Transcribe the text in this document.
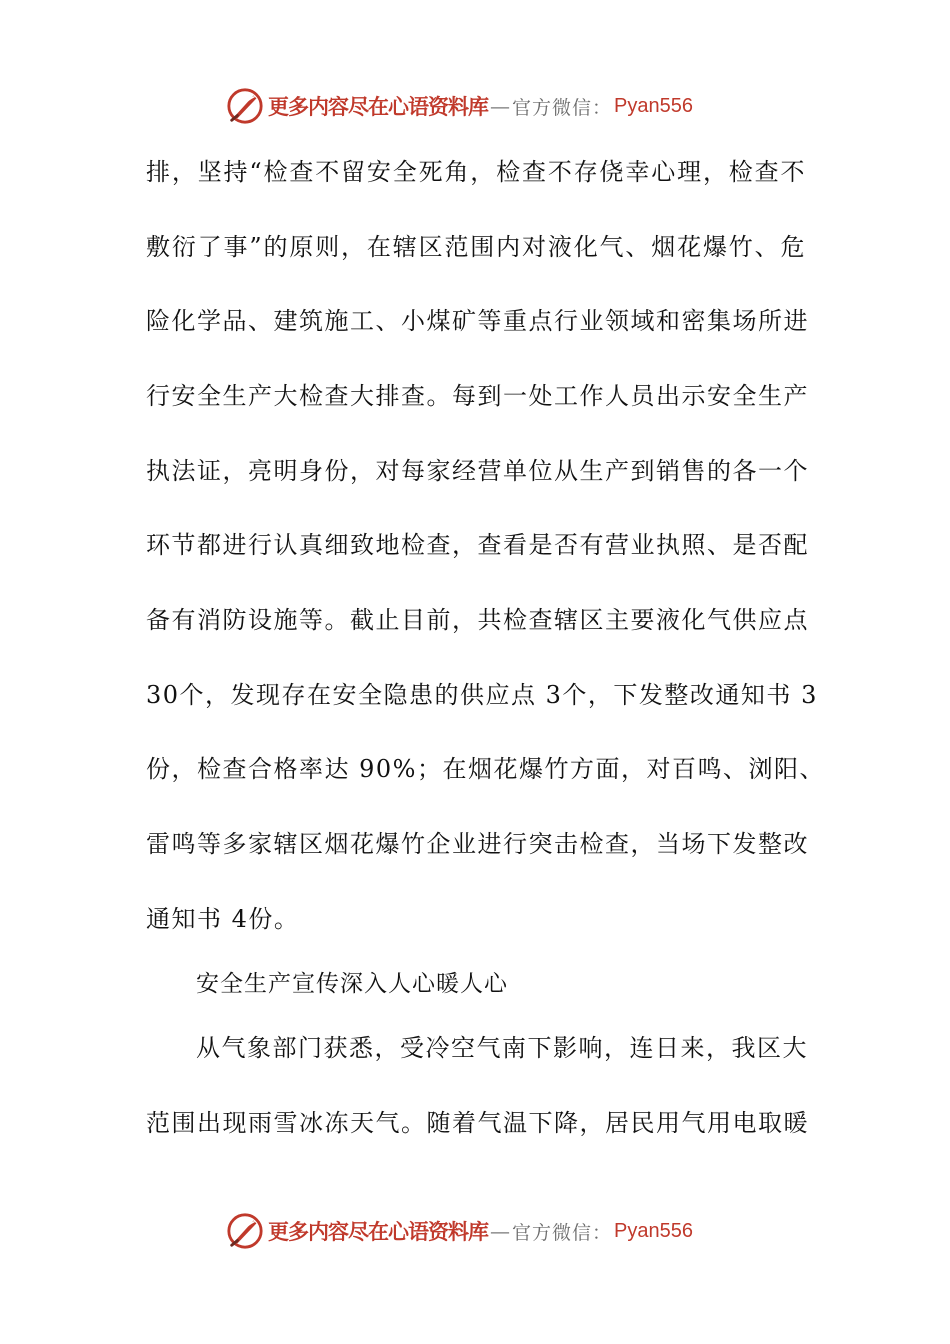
更多内容尽在心语资料库 — 官方微信： Pyan556
排，坚持“检查不留安全死角，检查不存侥幸心理，检查不
敷衍了事”的原则，在辖区范围内对液化气、烟花爆竹、危
险化学品、建筑施工、小煤矿等重点行业领域和密集场所进
行安全生产大检查大排查。每到一处工作人员出示安全生产
执法证，亮明身份，对每家经营单位从生产到销售的各一个
环节都进行认真细致地检查，查看是否有营业执照、是否配
备有消防设施等。截止目前，共检查辖区主要液化气供应点
30个，发现存在安全隐患的供应点 3个，下发整改通知书 3
份，检查合格率达 90%；在烟花爆竹方面，对百鸣、浏阳、
雷鸣等多家辖区烟花爆竹企业进行突击检查，当场下发整改
通知书 4份。
安全生产宣传深入人心暖人心
从气象部门获悉，受冷空气南下影响，连日来，我区大
范围出现雨雪冰冻天气。随着气温下降，居民用气用电取暖
更多内容尽在心语资料库 — 官方微信： Pyan556
